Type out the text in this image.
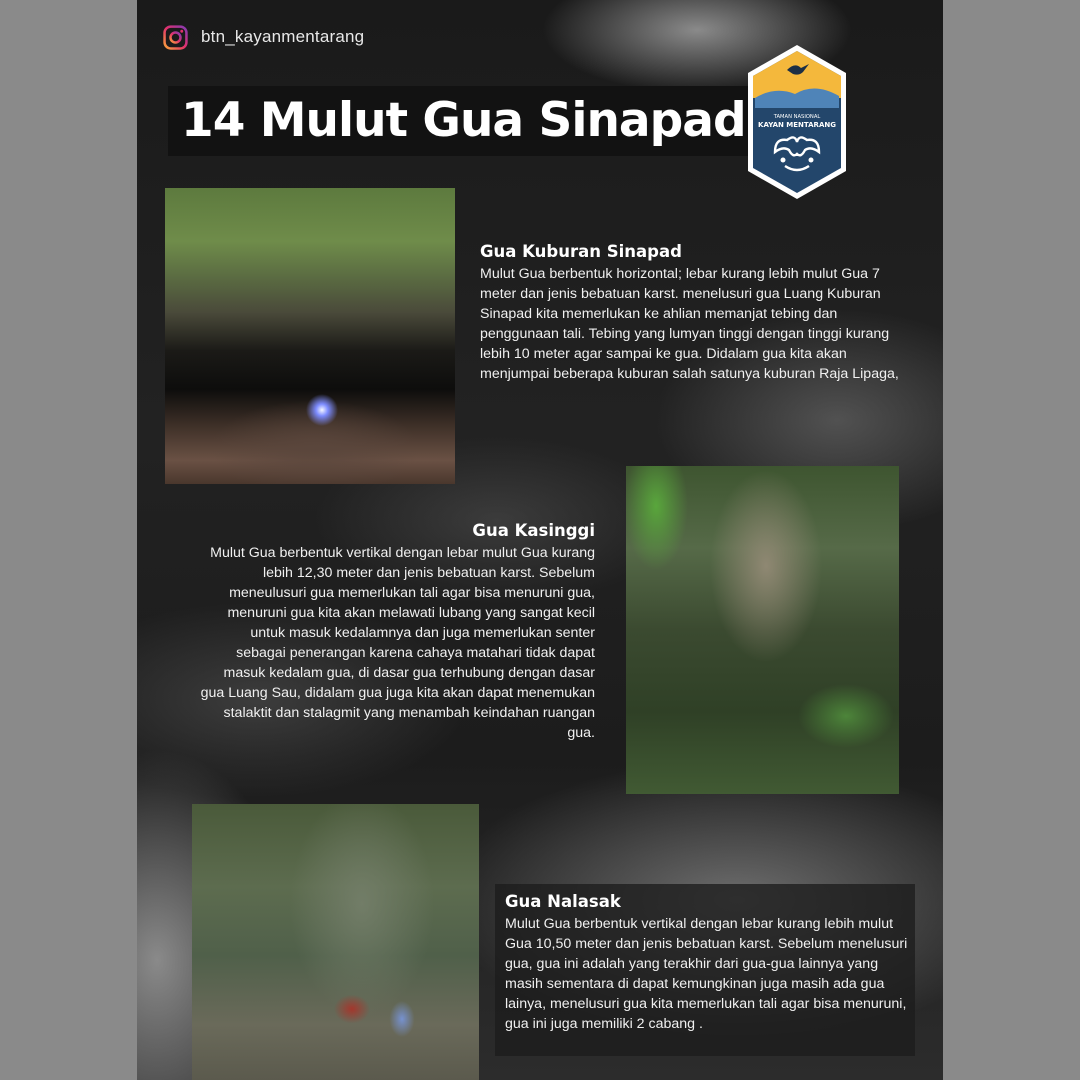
btn_kayanmentarang
14 Mulut Gua Sinapad	TAMAN NASIONAL
KAYAN MENTARANG
Gua Kuburan Sinapad

Mulut Gua berbentuk horizontal; lebar kurang lebih mulut Gua 7 meter dan jenis bebatuan karst. menelusuri gua Luang Kuburan Sinapad kita memerlukan ke ahlian memanjat tebing dan penggunaan tali. Tebing yang lumyan tinggi dengan tinggi kurang lebih 10 meter agar sampai ke gua. Didalam gua kita akan menjumpai beberapa kuburan salah satunya kuburan Raja Lipaga,

Gua Kasinggi

Mulut Gua berbentuk vertikal dengan lebar mulut Gua kurang lebih 12,30 meter dan jenis bebatuan karst. Sebelum meneulusuri gua memerlukan tali agar bisa menuruni gua, menuruni gua kita akan melawati lubang yang sangat kecil untuk masuk kedalamnya dan juga memerlukan senter sebagai penerangan karena cahaya matahari tidak dapat masuk kedalam gua, di dasar gua terhubung dengan dasar gua Luang Sau, didalam gua juga kita akan dapat menemukan stalaktit dan stalagmit yang menambah keindahan ruangan gua.

Gua Nalasak

Mulut Gua berbentuk vertikal dengan lebar kurang lebih mulut Gua 10,50 meter dan jenis bebatuan karst. Sebelum menelusuri gua, gua ini adalah yang terakhir dari gua-gua lainnya yang masih sementara di dapat kemungkinan juga masih ada gua lainya, menelusuri gua kita memerlukan tali agar bisa menuruni, gua ini juga memiliki 2 cabang .
